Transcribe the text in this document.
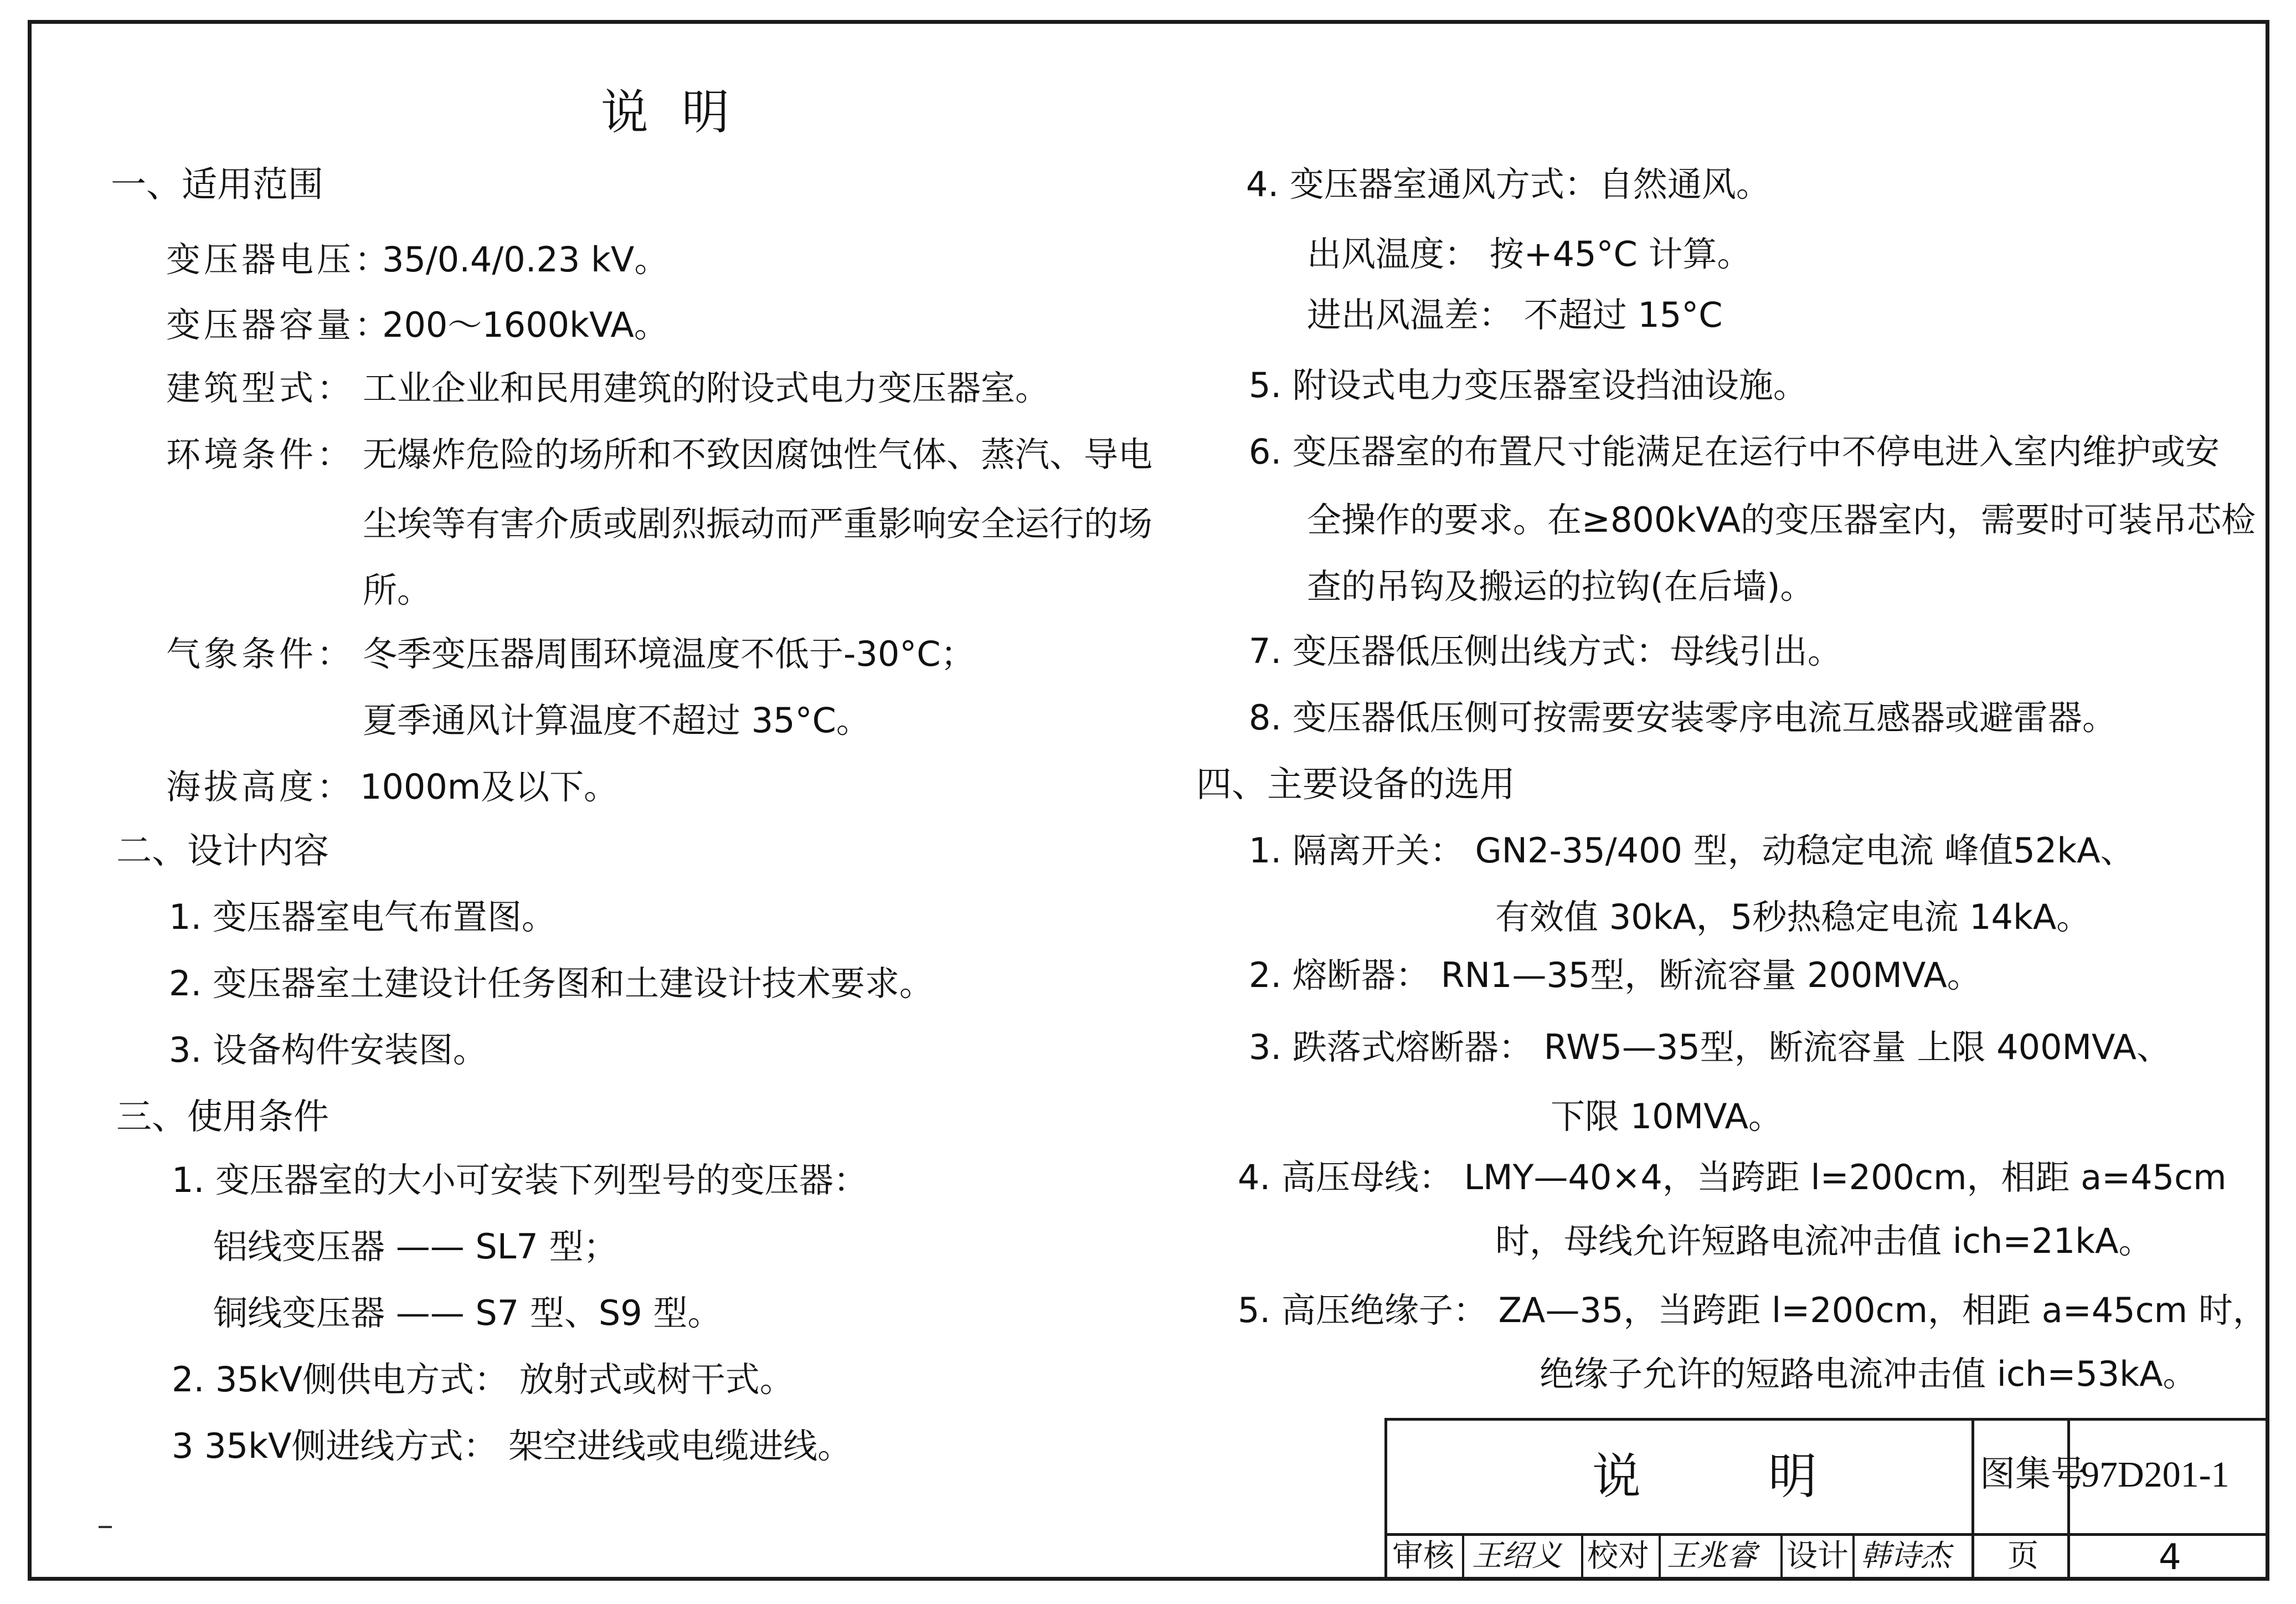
说明
一、适用范围
变压器电压：
35/0.4/0.23 kV。
变压器容量：
200～1600kVA。
建筑型式： 工业企业和民用建筑的附设式电力变压器室。
环境条件： 无爆炸危险的场所和不致因腐蚀性气体、蒸汽、导电
尘埃等有害介质或剧烈振动而严重影响安全运行的场
所。
气象条件： 冬季变压器周围环境温度不低于-30°C；
夏季通风计算温度不超过 35°C。
海拔高度： 1000m及以下。
二、设计内容
1. 变压器室电气布置图。
2. 变压器室土建设计任务图和土建设计技术要求。
3. 设备构件安装图。
三、使用条件
1. 变压器室的大小可安装下列型号的变压器：
铝线变压器 —— SL7 型；
铜线变压器 —— S7 型、S9 型。
2. 35kV侧供电方式： 放射式或树干式。
3 35kV侧进线方式： 架空进线或电缆进线。
4. 变压器室通风方式：自然通风。
出风温度： 按+45°C 计算。
进出风温差： 不超过 15°C
5. 附设式电力变压器室设挡油设施。
6. 变压器室的布置尺寸能满足在运行中不停电进入室内维护或安
全操作的要求。在≥800kVA的变压器室内，需要时可装吊芯检
查的吊钩及搬运的拉钩(在后墙)。
7. 变压器低压侧出线方式：母线引出。
8. 变压器低压侧可按需要安装零序电流互感器或避雷器。
四、主要设备的选用
1. 隔离开关： GN2-35/400 型，动稳定电流 峰值52kA、
有效值 30kA，5秒热稳定电流 14kA。
2. 熔断器： RN1—35型，断流容量 200MVA。
3. 跌落式熔断器： RW5—35型，断流容量 上限 400MVA、
下限 10MVA。
4. 高压母线： LMY—40×4，当跨距 l=200cm，相距 a=45cm
时，母线允许短路电流冲击值 ich=21kA。
5. 高压绝缘子： ZA—35，当跨距 l=200cm，相距 a=45cm 时，
绝缘子允许的短路电流冲击值 ich=53kA。
说明 图集号
97D201-1
审核 王绍义 校对 王兆睿 设计 韩诗杰 页	4
